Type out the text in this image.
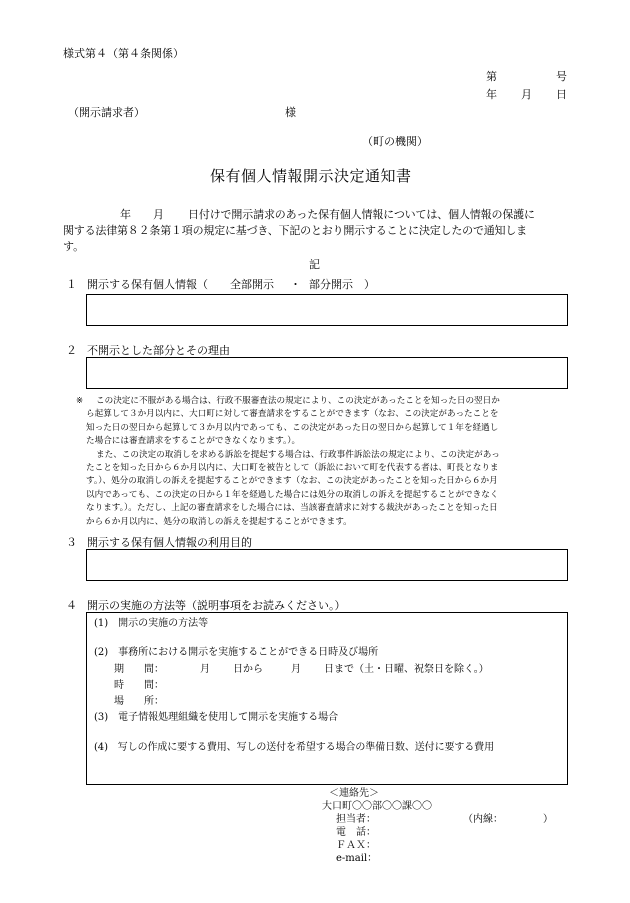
様式第４（第４条関係）
第	号
年 月 日
（開示請求者）	様
（町の機関）
保有個人情報開示決定通知書
年 月 日付けで開示請求のあった保有個人情報については、個人情報の保護に
関する法律第８２条第１項の規定に基づき、下記のとおり開示することに決定したので通知しま
す。
記
１ 開示する保有個人情報（ 全部開示 ・ 部分開示 ）
２ 不開示とした部分とその理由
※ この決定に不服がある場合は、行政不服審査法の規定により、この決定があったことを知った日の翌日か
ら起算して３か月以内に、大口町に対して審査請求をすることができます（なお、この決定があったことを
知った日の翌日から起算して３か月以内であっても、この決定があった日の翌日から起算して１年を経過し
た場合には審査請求をすることができなくなります。）。
また、この決定の取消しを求める訴訟を提起する場合は、行政事件訴訟法の規定により、この決定があっ
たことを知った日から６か月以内に、大口町を被告として（訴訟において町を代表する者は、町長となりま
す。）、処分の取消しの訴えを提起することができます（なお、この決定があったことを知った日から６か月
以内であっても、この決定の日から１年を経過した場合には処分の取消しの訴えを提起することができなく
なります。）。ただし、上記の審査請求をした場合には、当該審査請求に対する裁決があったことを知った日
から６か月以内に、処分の取消しの訴えを提起することができます。
３ 開示する保有個人情報の利用目的
４ 開示の実施の方法等（説明事項をお読みください。）
(1)　開示の実施の方法等
(2)　事務所における開示を実施することができる日時及び場所
期　　間：	月 日から	月 日まで（土・日曜、祝祭日を除く。）
時　　間：
場　　所：
(3)　電子情報処理組織を使用して開示を実施する場合
(4)　写しの作成に要する費用、写しの送付を希望する場合の準備日数、送付に要する費用
＜連絡先＞
大口町〇〇部〇〇課〇〇
担当者：	（内線：	）
電　話：
ＦＡＸ：
e-mail：
